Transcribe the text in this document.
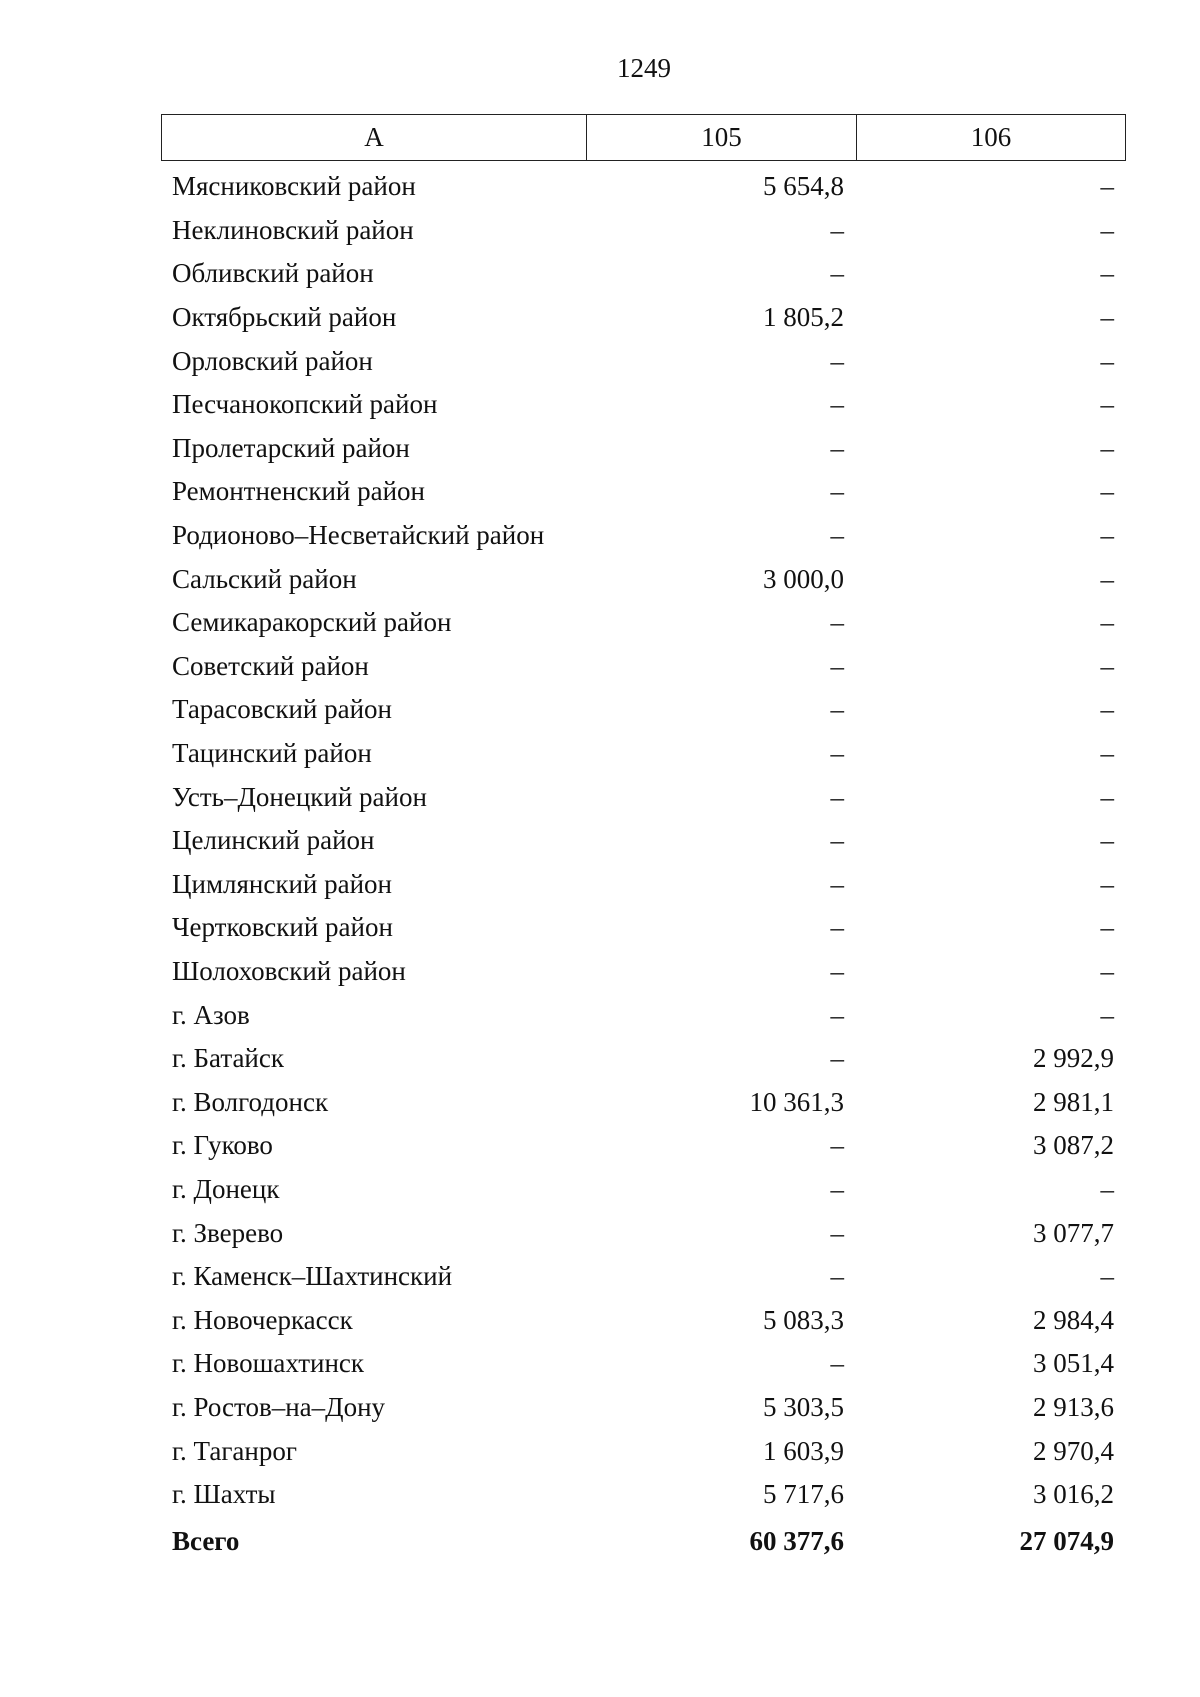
1249
А	105	106
Мясниковский район	5 654,8	–
Неклиновский район	–	–
Обливский район	–	–
Октябрьский район	1 805,2	–
Орловский район	–	–
Песчанокопский район	–	–
Пролетарский район	–	–
Ремонтненский район	–	–
Родионово–Несветайский район	–	–
Сальский район	3 000,0	–
Семикаракорский район	–	–
Советский район	–	–
Тарасовский район	–	–
Тацинский район	–	–
Усть–Донецкий район	–	–
Целинский район	–	–
Цимлянский район	–	–
Чертковский район	–	–
Шолоховский район	–	–
г. Азов	–	–
г. Батайск	–	2 992,9
г. Волгодонск	10 361,3	2 981,1
г. Гуково	–	3 087,2
г. Донецк	–	–
г. Зверево	–	3 077,7
г. Каменск–Шахтинский	–	–
г. Новочеркасск	5 083,3	2 984,4
г. Новошахтинск	–	3 051,4
г. Ростов–на–Дону	5 303,5	2 913,6
г. Таганрог	1 603,9	2 970,4
г. Шахты	5 717,6	3 016,2
Всего	60 377,6	27 074,9
